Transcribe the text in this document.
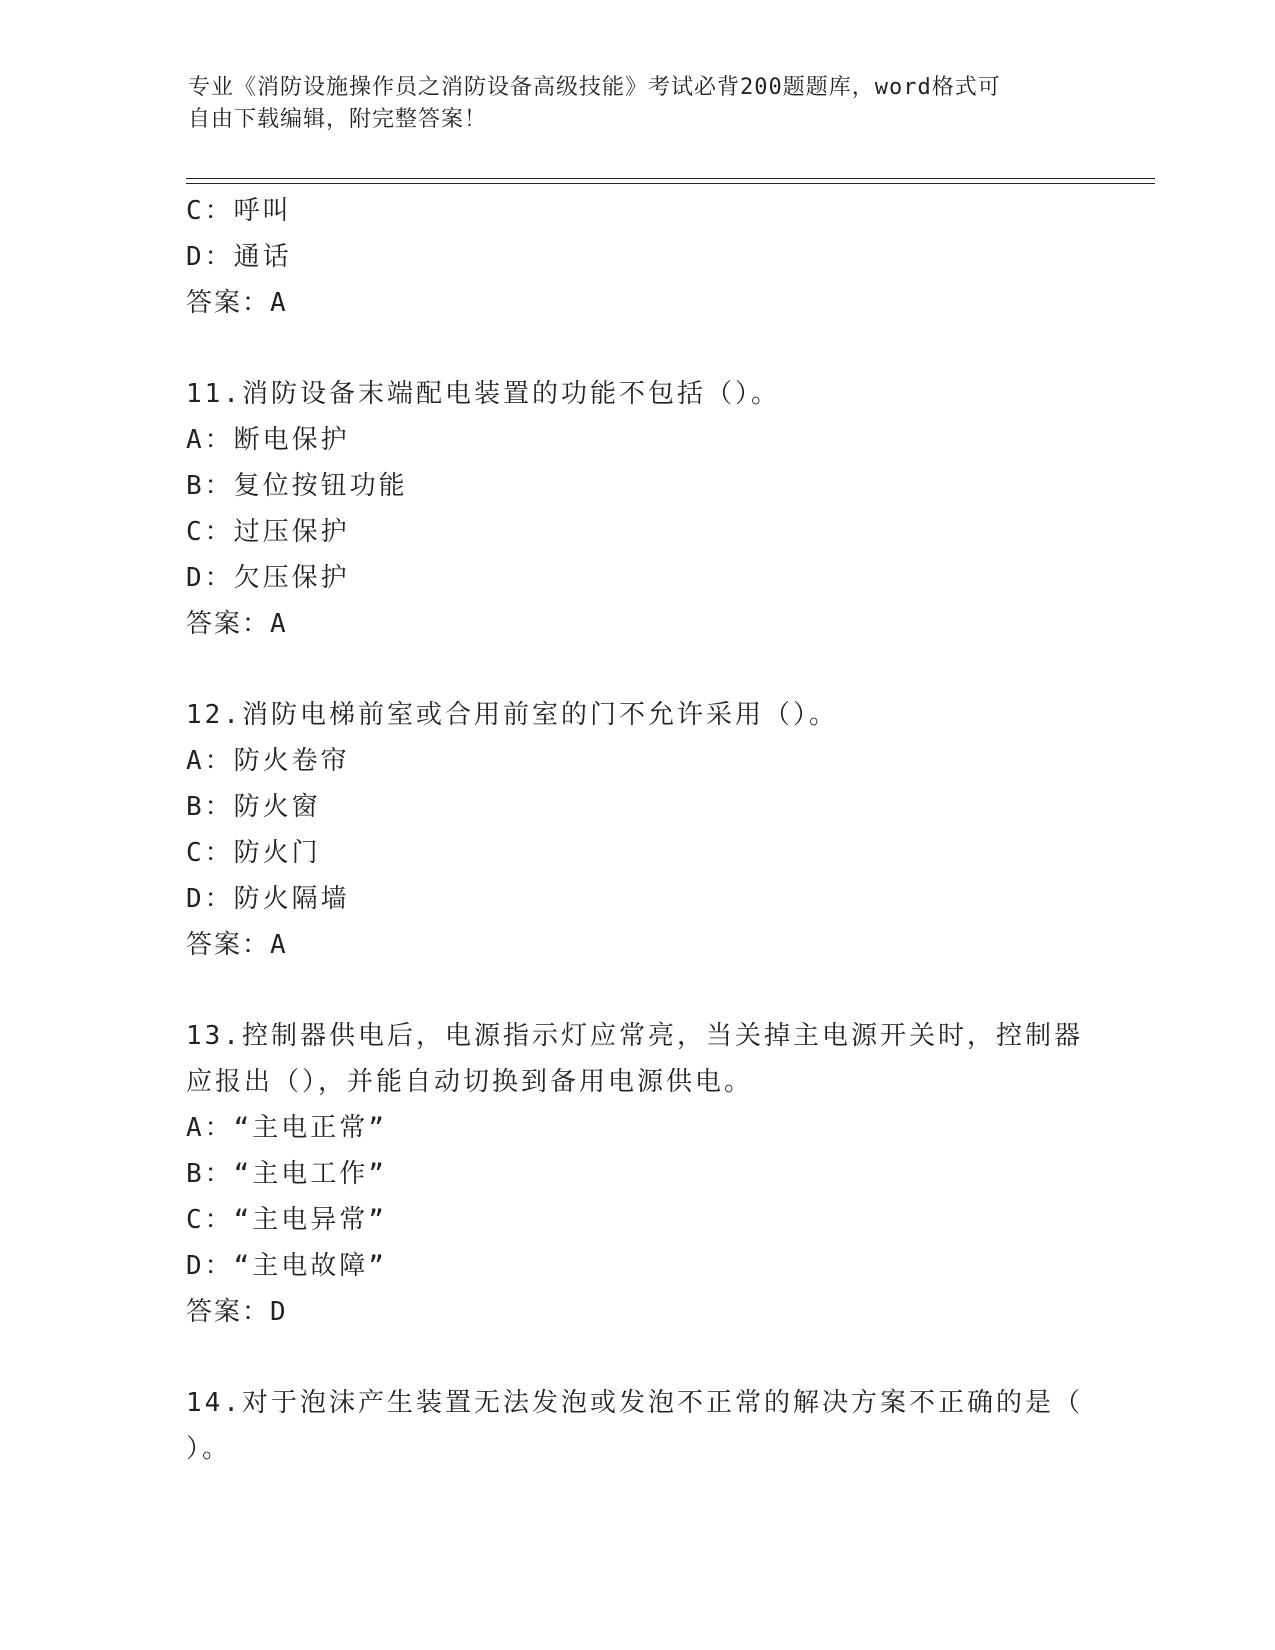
专业《消防设施操作员之消防设备高级技能》考试必背200题题库，word格式可

自由下载编辑，附完整答案！

C：呼叫
D：通话
答案：A
11.消防设备末端配电装置的功能不包括（）。
A：断电保护
B：复位按钮功能
C：过压保护
D：欠压保护
答案：A
12.消防电梯前室或合用前室的门不允许采用（）。
A：防火卷帘
B：防火窗
C：防火门
D：防火隔墙
答案：A
13.控制器供电后，电源指示灯应常亮，当关掉主电源开关时，控制器
应报出（），并能自动切换到备用电源供电。
A：“主电正常”
B：“主电工作”
C：“主电异常”
D：“主电故障”
答案：D
14.对于泡沫产生装置无法发泡或发泡不正常的解决方案不正确的是（
）。
